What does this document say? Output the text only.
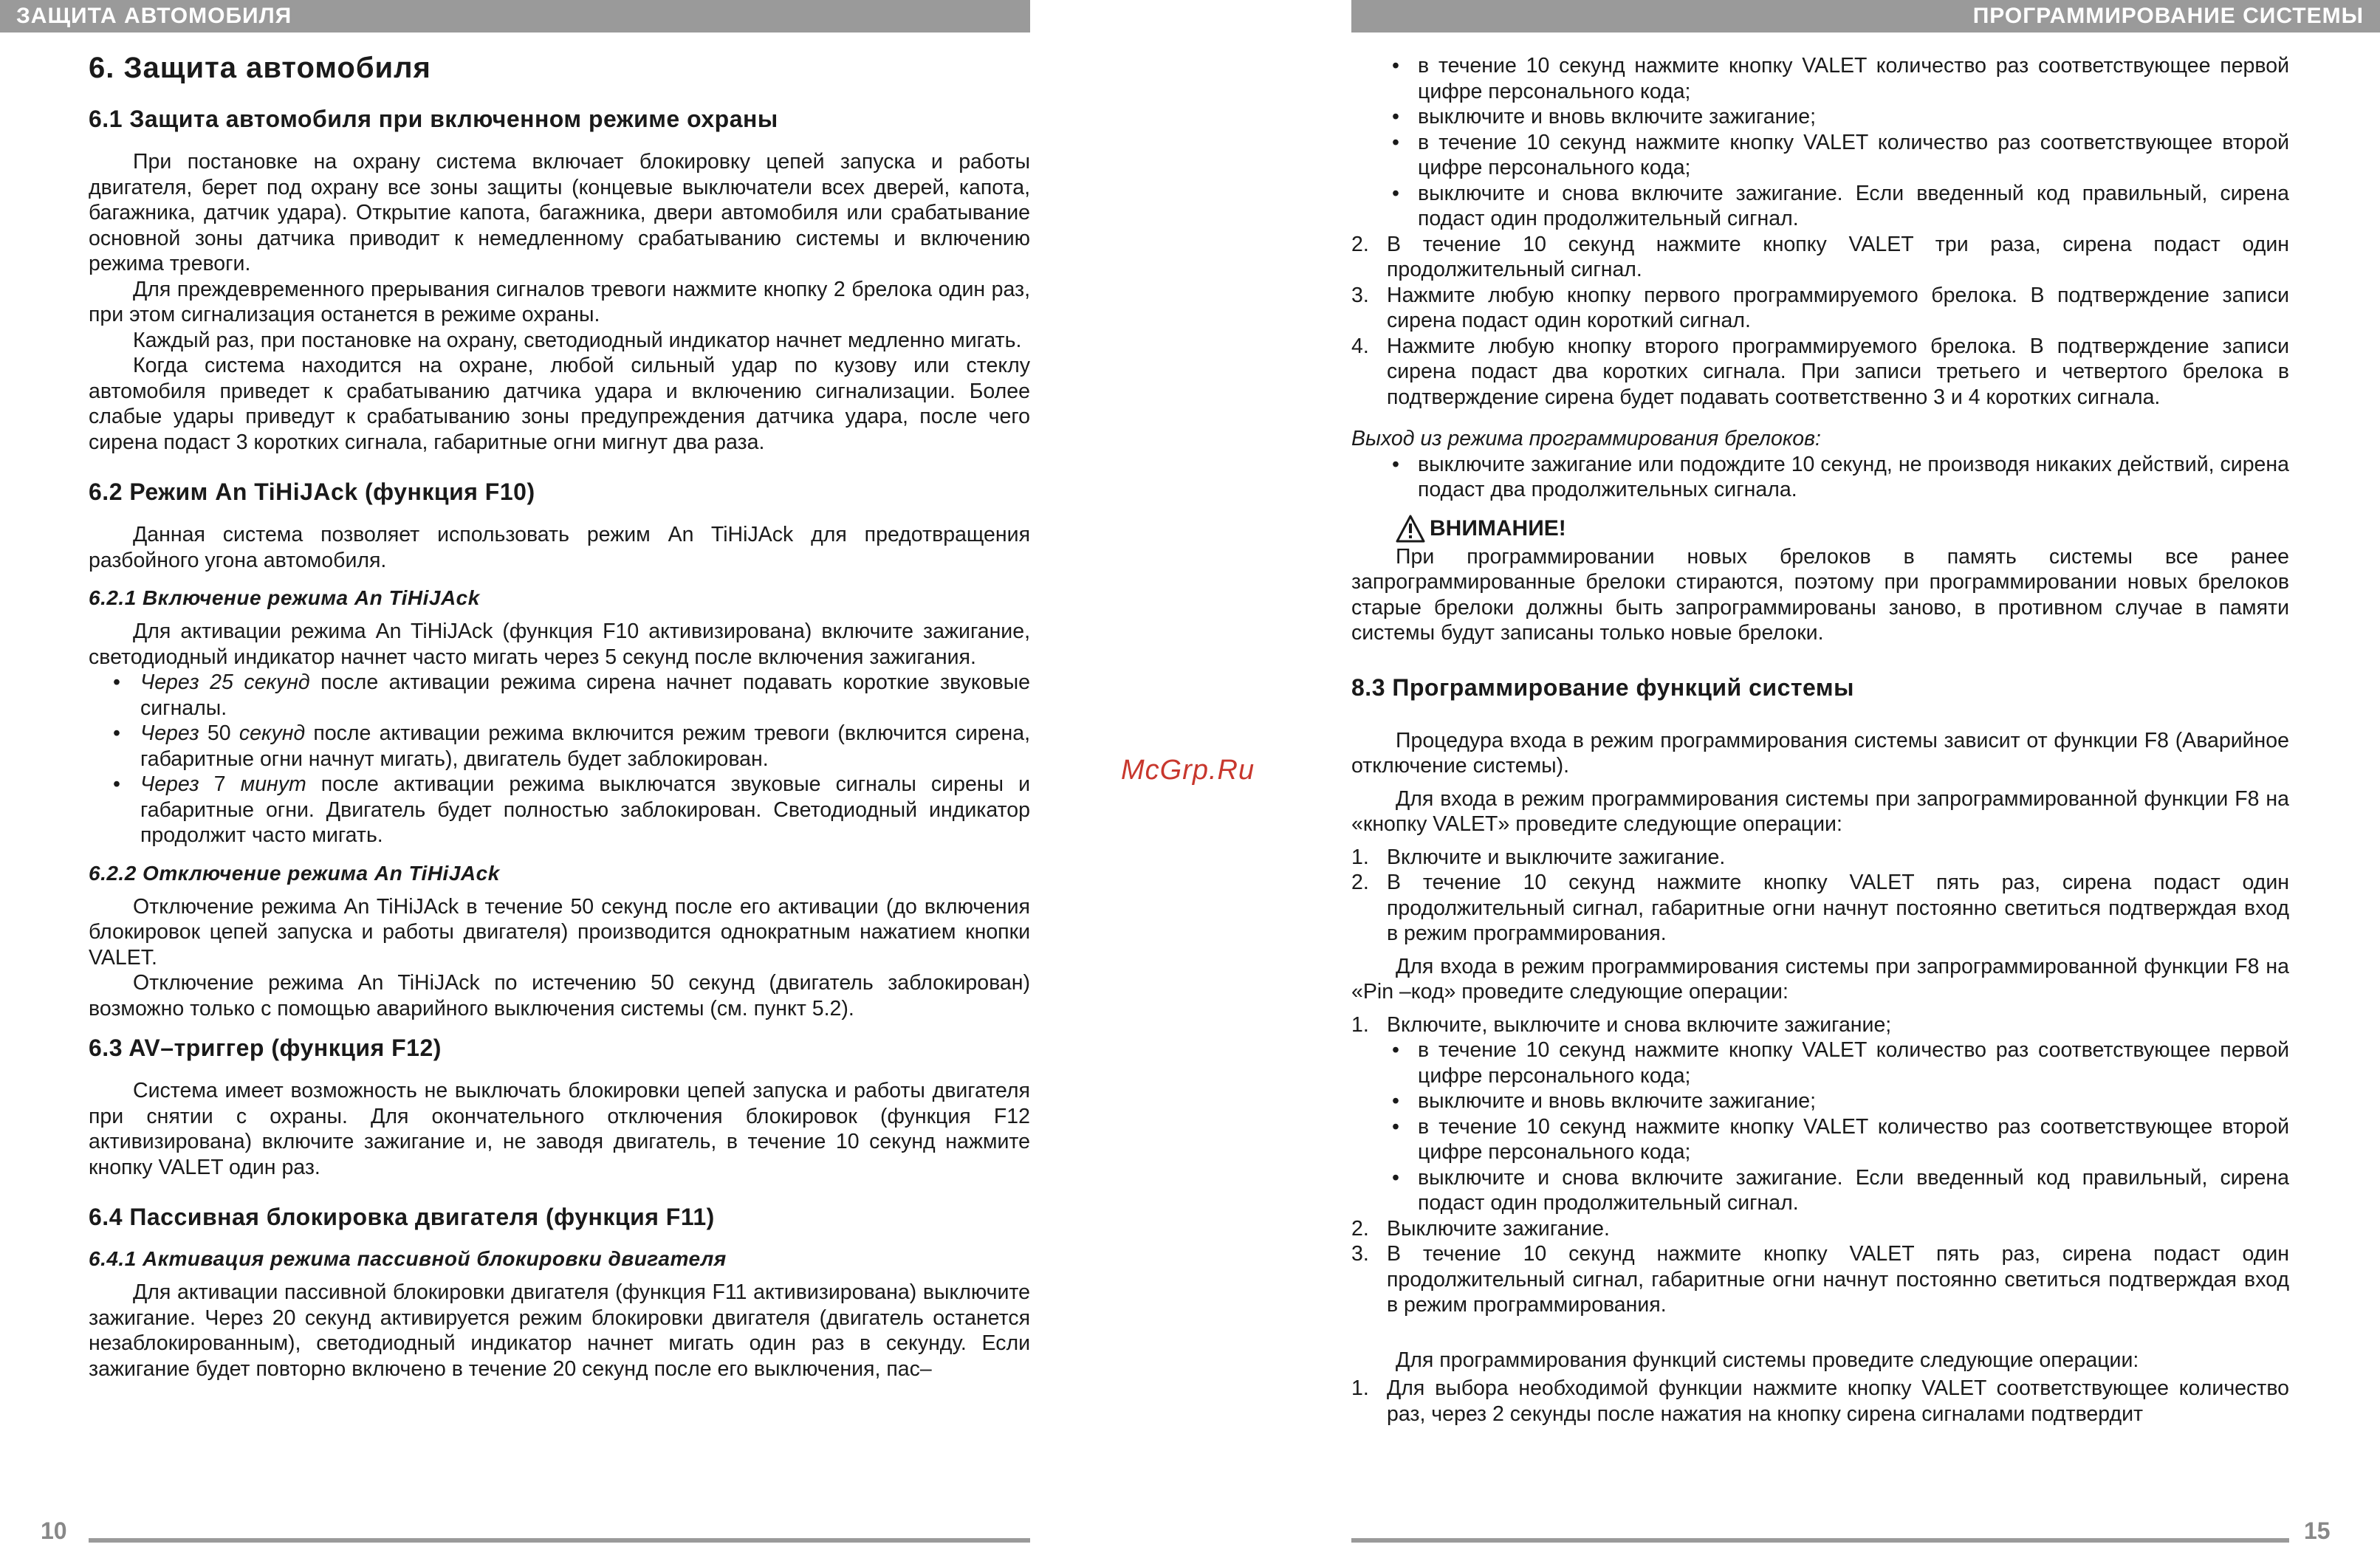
ЗАЩИТА АВТОМОБИЛЯ
6. Защита автомобиля
6.1 Защита автомобиля при включенном режиме охраны

При постановке на охрану система включает блокировку цепей запуска и работы двигателя, берет под охрану все зоны защиты (концевые выключатели всех дверей, капота, багажника, датчик удара). Открытие капота, багажника, двери автомобиля или срабатывание основной зоны датчика приводит к немедленному срабатыванию системы и включению режима тревоги.

Для преждевременного прерывания сигналов тревоги нажмите кнопку 2 брелока один раз, при этом сигнализация останется в режиме охраны.

Каждый раз, при постановке на охрану, светодиодный индикатор начнет медленно мигать.

Когда система находится на охране, любой сильный удар по кузову или стеклу автомобиля приведет к срабатыванию датчика удара и включению сигнализации. Более слабые удары приведут к срабатыванию зоны предупреждения датчика удара, после чего сирена подаст 3 коротких сигнала, габаритные огни мигнут два раза.

6.2 Режим An TiHiJAck (функция F10)

Данная система позволяет использовать режим An TiHiJAck для предотвращения разбойного угона автомобиля.

6.2.1 Включение режима An TiHiJAck

Для активации режима An TiHiJAck (функция F10 активизирована) включите зажигание, светодиодный индикатор начнет часто мигать через 5 секунд после включения зажигания.

• Через 25 секунд после активации режима сирена начнет подавать короткие звуковые сигналы.
• Через 50 секунд после активации режима включится режим тревоги (включится сирена, габаритные огни начнут мигать), двигатель будет заблокирован.
• Через 7 минут после активации режима выключатся звуковые сигналы сирены и габаритные огни. Двигатель будет полностью заблокирован. Светодиодный индикатор продолжит часто мигать.
6.2.2 Отключение режима An TiHiJAck

Отключение режима An TiHiJAck в течение 50 секунд после его активации (до включения блокировок цепей запуска и работы двигателя) производится однократным нажатием кнопки VALET.

Отключение режима An TiHiJAck по истечению 50 секунд (двигатель заблокирован) возможно только с помощью аварийного выключения системы (см. пункт 5.2).

6.3 AV–триггер (функция F12)

Система имеет возможность не выключать блокировки цепей запуска и работы двигателя при снятии с охраны. Для окончательного отключения блокировок (функция F12 активизирована) включите зажигание и, не заводя двигатель, в течение 10 секунд нажмите кнопку VALET один раз.

6.4 Пассивная блокировка двигателя (функция F11)
6.4.1 Активация режима пассивной блокировки двигателя

Для активации пассивной блокировки двигателя (функция F11 активизирована) выключите зажигание. Через 20 секунд активируется режим блокировки двигателя (двигатель останется незаблокированным), светодиодный индикатор начнет мигать один раз в секунду. Если зажигание будет повторно включено в течение 20 секунд после его выключения, пас–

10
McGrp.Ru
ПРОГРАММИРОВАНИЕ СИСТЕМЫ
• в течение 10 секунд нажмите кнопку VALET количество раз соответствующее первой цифре персонального кода;
• выключите и вновь включите зажигание;
• в течение 10 секунд нажмите кнопку VALET количество раз соответствующее второй цифре персонального кода;
• выключите и снова включите зажигание. Если введенный код правильный, сирена подаст один продолжительный сигнал.
2. В течение 10 секунд нажмите кнопку VALET три раза, сирена подаст один продолжительный сигнал.
3. Нажмите любую кнопку первого программируемого брелока. В подтверждение записи сирена подаст один короткий сигнал.
4. Нажмите любую кнопку второго программируемого брелока. В подтверждение записи сирена подаст два коротких сигнала. При записи третьего и четвертого брелока в подтверждение сирена будет подавать соответственно 3 и 4 коротких сигнала.
Выход из режима программирования брелоков:
• выключите зажигание или подождите 10 секунд, не производя никаких действий, сирена подаст два продолжительных сигнала.
ВНИМАНИЕ!

При программировании новых брелоков в память системы все ранее запрограммированные брелоки стираются, поэтому при программировании новых брелоков старые брелоки должны быть запрограммированы заново, в противном случае в памяти системы будут записаны только новые брелоки.

8.3 Программирование функций системы

Процедура входа в режим программирования системы зависит от функции F8 (Аварийное отключение системы).

Для входа в режим программирования системы при запрограммированной функции F8 на «кнопку VALET» проведите следующие операции:

1. Включите и выключите зажигание.
2. В течение 10 секунд нажмите кнопку VALET пять раз, сирена подаст один продолжительный сигнал, габаритные огни начнут постоянно светиться подтверждая вход в режим программирования.

Для входа в режим программирования системы при запрограммированной функции F8 на «Pin –код» проведите следующие операции:

1. Включите, выключите и снова включите зажигание;
• в течение 10 секунд нажмите кнопку VALET количество раз соответствующее первой цифре персонального кода;
• выключите и вновь включите зажигание;
• в течение 10 секунд нажмите кнопку VALET количество раз соответствующее второй цифре персонального кода;
• выключите и снова включите зажигание. Если введенный код правильный, сирена подаст один продолжительный сигнал.
2. Выключите зажигание.
3. В течение 10 секунд нажмите кнопку VALET пять раз, сирена подаст один продолжительный сигнал, габаритные огни начнут постоянно светиться подтверждая вход в режим программирования.

Для программирования функций системы проведите следующие операции:

1. Для выбора необходимой функции нажмите кнопку VALET соответствующее количество раз, через 2 секунды после нажатия на кнопку сирена сигналами подтвердит
15
